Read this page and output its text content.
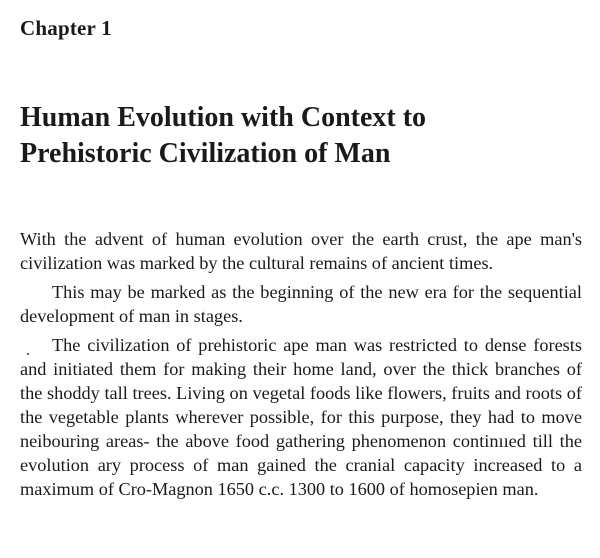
Chapter 1
Human Evolution with Context to
Prehistoric Civilization of Man

With the advent of human evolution over the earth crust, the ape man's civilization was marked by the cultural remains of ancient times.

This may be marked as the beginning of the new era for the sequential development of man in stages.

The civilization of prehistoric ape man was restricted to dense forests and initiated them for making their home land, over the thick branches of the shoddy tall trees. Living on vegetal foods like flowers, fruits and roots of the vegetable plants wherever possible, for this purpose, they had to move neibouring areas- the above food gathering phenomenon continııed till the evolution ary process of man gained the cranial capacity increased to a maximum of Cro-Magnon 1650 c.c. 1300 to 1600 of homosepien man.
